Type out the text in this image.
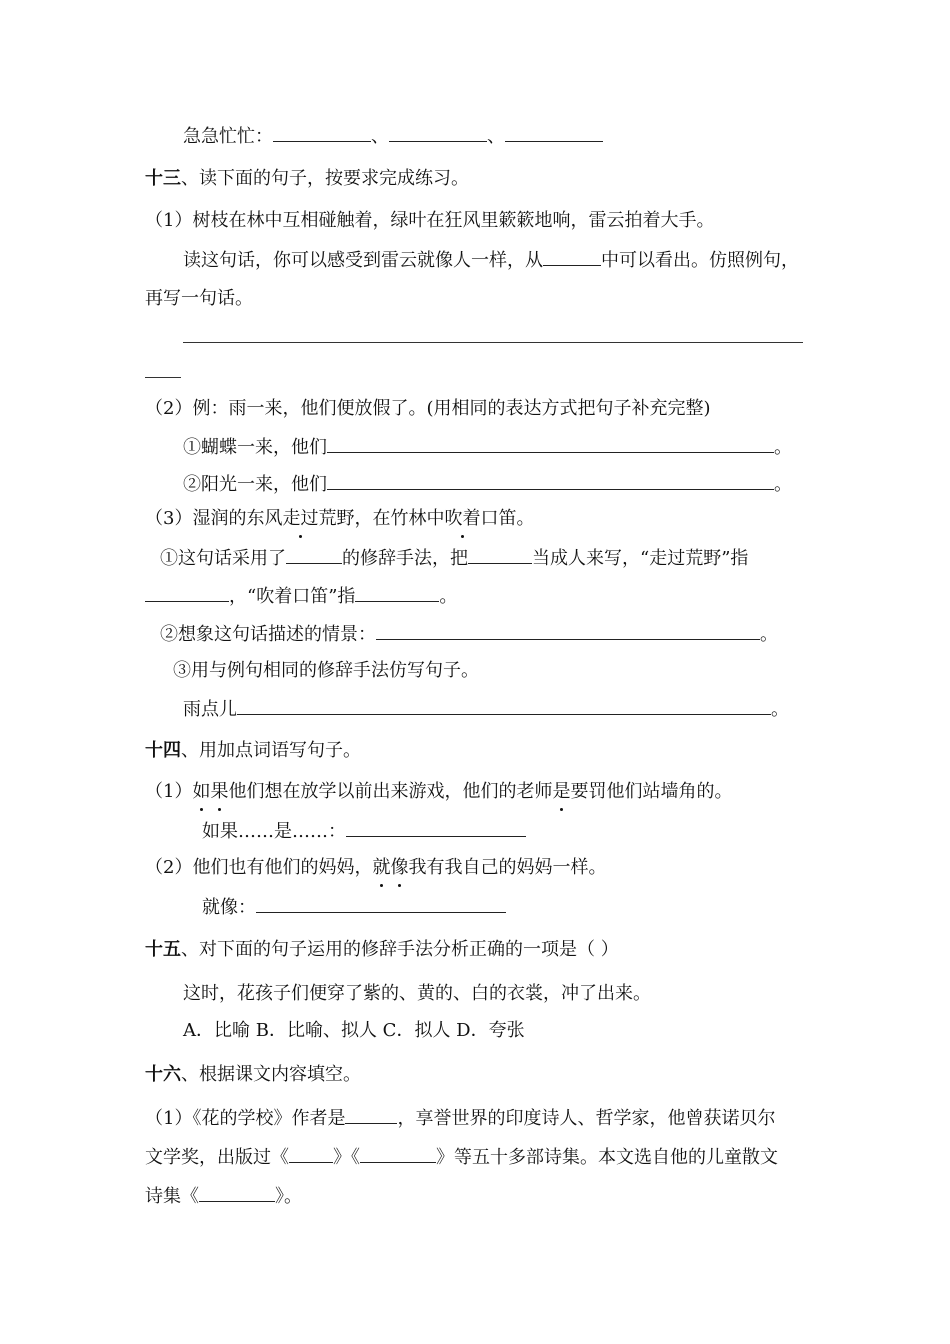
急急忙忙：	、	、
十三、读下面的句子，按要求完成练习。
（1）树枝在林中互相碰触着，绿叶在狂风里簌簌地响，雷云拍着大手。
读这句话，你可以感受到雷云就像人一样，从	中可以看出。仿照例句，
再写一句话。
（2）例：雨一来，他们便放假了。(用相同的表达方式把句子补充完整)
①蝴蝶一来，他们	。
②阳光一来，他们	。
（3）湿润的东风走过荒野，在竹林中吹着口笛。
①这句话采用了	的修辞手法，把	当成人来写，“走过荒野”指
，“吹着口笛”指	。
②想象这句话描述的情景：	。
③用与例句相同的修辞手法仿写句子。
雨点儿	。
十四、用加点词语写句子。
（1）如果他们想在放学以前出来游戏，他们的老师是要罚他们站墙角的。
如果……是……：
（2）他们也有他们的妈妈，就像我有我自己的妈妈一样。
就像：
十五、对下面的句子运用的修辞手法分析正确的一项是（ ）
这时，花孩子们便穿了紫的、黄的、白的衣裳，冲了出来。
A．比喻 B．比喻、拟人 C．拟人 D．夸张
十六、根据课文内容填空。
（1）《花的学校》作者是	，享誉世界的印度诗人、哲学家，他曾获诺贝尔
文学奖，出版过《 》《	》等五十多部诗集。本文选自他的儿童散文
诗集《	》。
